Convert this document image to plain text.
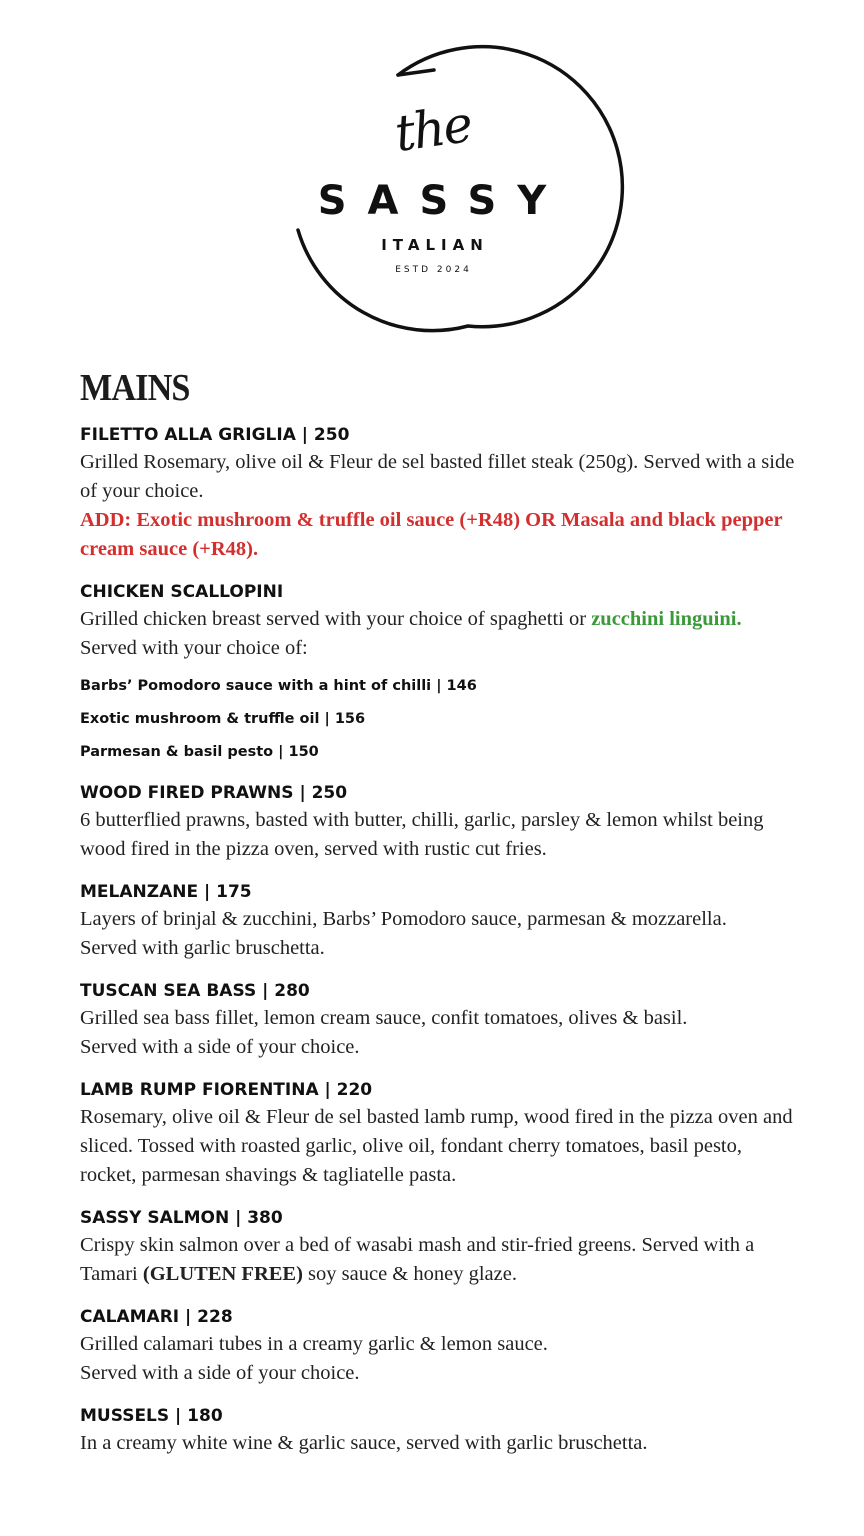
the
SASSY
ITALIAN
ESTD 2024
MAINS

FILETTO ALLA GRIGLIA | 250

Grilled Rosemary, olive oil & Fleur de sel basted fillet steak (250g). Served with a side of your choice.

ADD: Exotic mushroom & truffle oil sauce (+R48) OR Masala and black pepper cream sauce (+R48).

CHICKEN SCALLOPINI

Grilled chicken breast served with your choice of spaghetti or zucchini linguini.

Served with your choice of:

Barbs’ Pomodoro sauce with a hint of chilli | 146

Exotic mushroom & truffle oil | 156

Parmesan & basil pesto | 150

WOOD FIRED PRAWNS | 250

6 butterflied prawns, basted with butter, chilli, garlic, parsley & lemon whilst being wood fired in the pizza oven, served with rustic cut fries.

MELANZANE | 175

Layers of brinjal & zucchini, Barbs’ Pomodoro sauce, parmesan & mozzarella.

Served with garlic bruschetta.

TUSCAN SEA BASS | 280

Grilled sea bass fillet, lemon cream sauce, confit tomatoes, olives & basil.

Served with a side of your choice.

LAMB RUMP FIORENTINA | 220

Rosemary, olive oil & Fleur de sel basted lamb rump, wood fired in the pizza oven and sliced. Tossed with roasted garlic, olive oil, fondant cherry tomatoes, basil pesto, rocket, parmesan shavings & tagliatelle pasta.

SASSY SALMON | 380

Crispy skin salmon over a bed of wasabi mash and stir-fried greens. Served with a Tamari (GLUTEN FREE) soy sauce & honey glaze.

CALAMARI | 228

Grilled calamari tubes in a creamy garlic & lemon sauce.

Served with a side of your choice.

MUSSELS | 180

In a creamy white wine & garlic sauce, served with garlic bruschetta.
